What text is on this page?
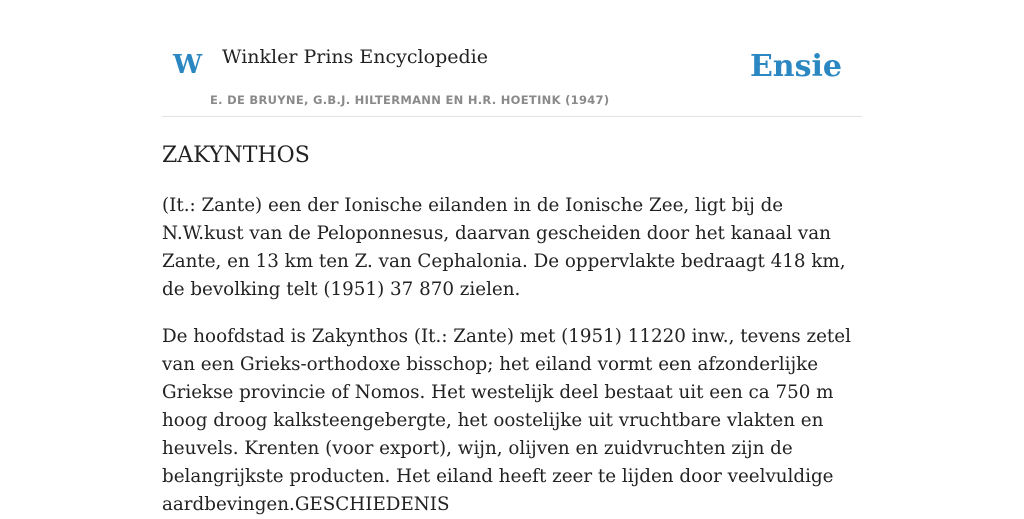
W Winkler Prins Encyclopedie	Ensie
E. DE BRUYNE, G.B.J. HILTERMANN EN H.R. HOETINK (1947)
ZAKYNTHOS

(It.: Zante) een der Ionische eilanden in de Ionische Zee, ligt bij de N.W.kust van de Peloponnesus, daarvan gescheiden door het kanaal van Zante, en 13 km ten Z. van Cephalonia. De oppervlakte bedraagt 418 km, de bevolking telt (1951) 37 870 zielen.

De hoofdstad is Zakynthos (It.: Zante) met (1951) 11220 inw., tevens zetel van een Grieks-orthodoxe bisschop; het eiland vormt een afzonderlijke Griekse provincie of Nomos. Het westelijk deel bestaat uit een ca 750 m hoog droog kalksteengebergte, het oostelijke uit vruchtbare vlakten en heuvels. Krenten (voor export), wijn, olijven en zuidvruchten zijn de belangrijkste producten. Het eiland heeft zeer te lijden door veelvuldige aardbevingen.GESCHIEDENIS
